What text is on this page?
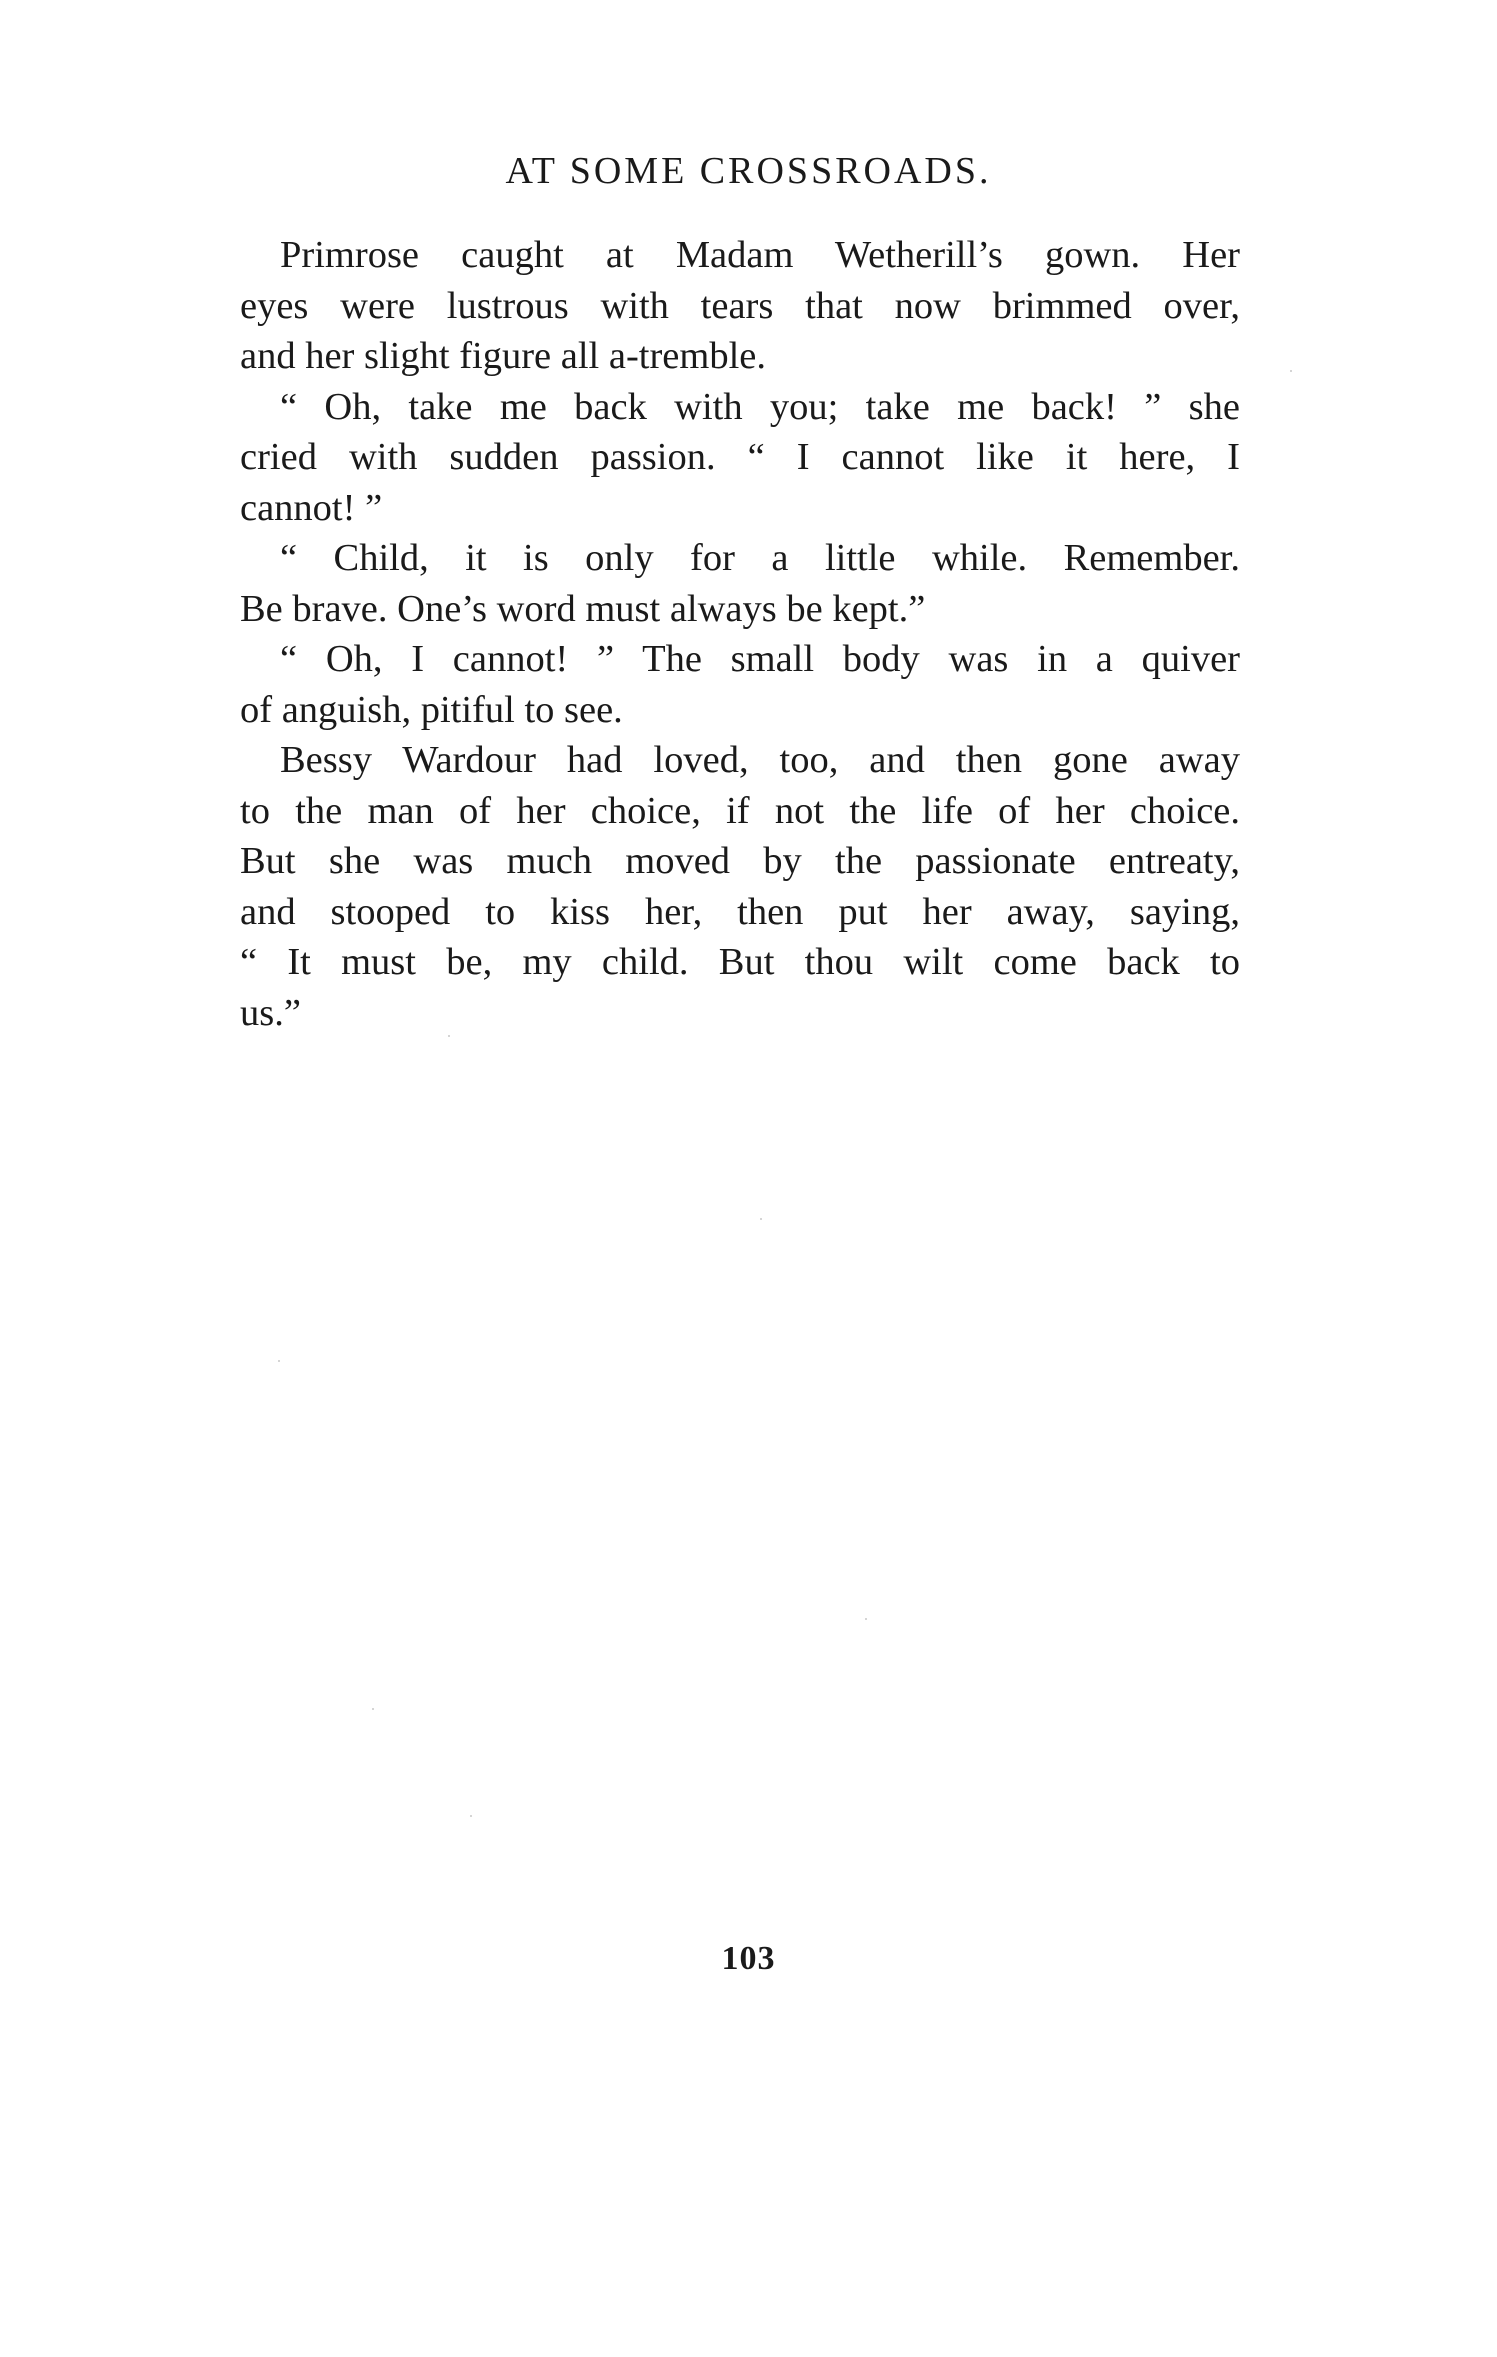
AT SOME CROSSROADS.

Primrose caught at Madam Wetherill’s gown. Her
eyes were lustrous with tears that now brimmed over,
and her slight figure all a-tremble.

“ Oh, take me back with you; take me back! ” she
cried with sudden passion. “ I cannot like it here, I
cannot! ”

“ Child, it is only for a little while. Remember.
Be brave. One’s word must always be kept.”

“ Oh, I cannot! ” The small body was in a quiver
of anguish, pitiful to see.

Bessy Wardour had loved, too, and then gone away
to the man of her choice, if not the life of her choice.
But she was much moved by the passionate entreaty,
and stooped to kiss her, then put her away, saying,
“ It must be, my child. But thou wilt come back to
us.”

103
